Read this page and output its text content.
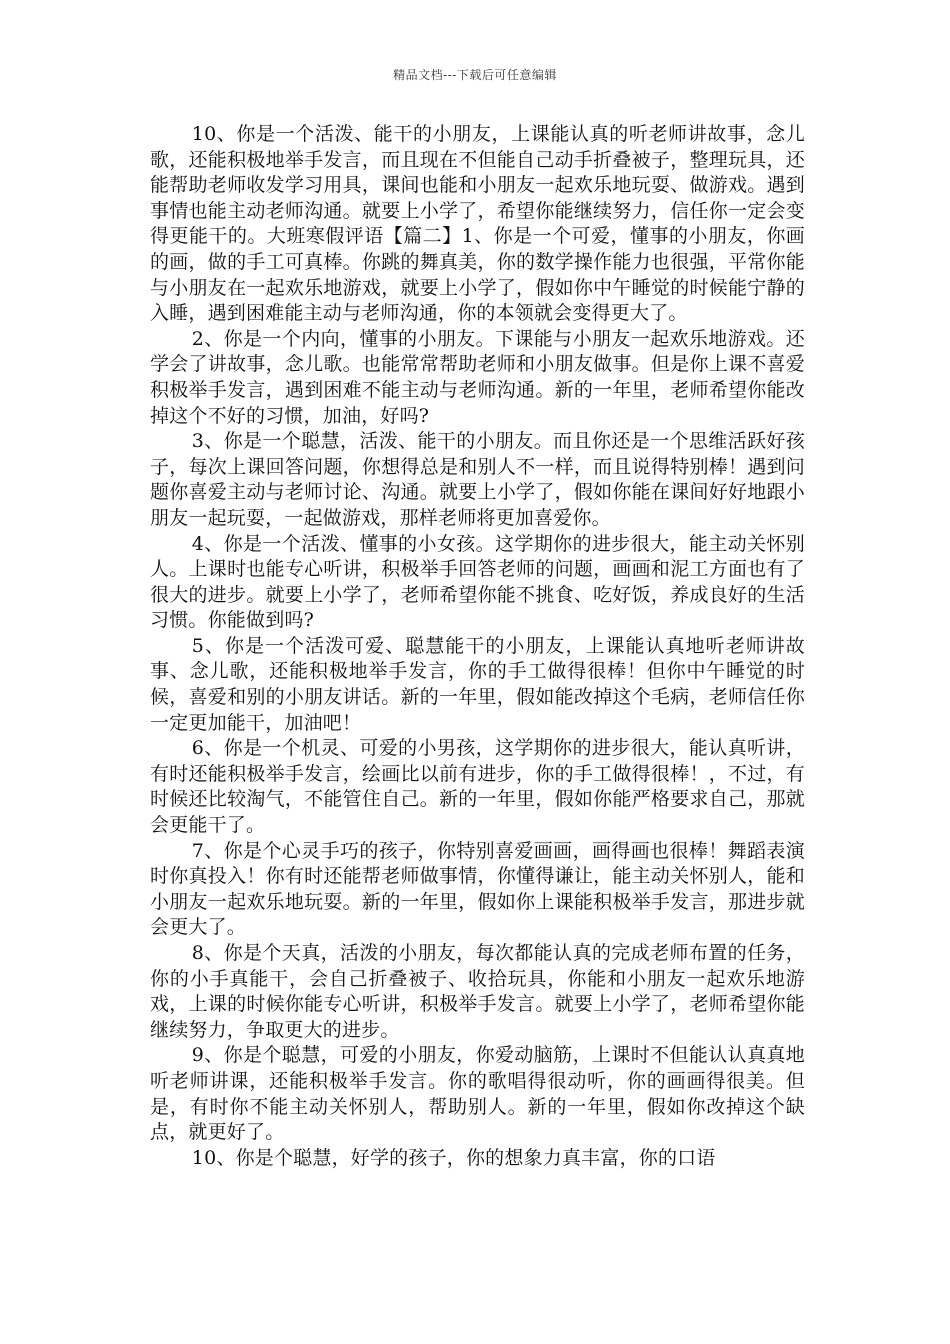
精品文档---下载后可任意编辑

10、你是一个活泼、能干的小朋友，上课能认真的听老师讲故事，念儿歌，还能积极地举手发言，而且现在不但能自己动手折叠被子，整理玩具，还能帮助老师收发学习用具，课间也能和小朋友一起欢乐地玩耍、做游戏。遇到事情也能主动老师沟通。就要上小学了，希望你能继续努力，信任你一定会变得更能干的。大班寒假评语【篇二】1、你是一个可爱，懂事的小朋友，你画的画，做的手工可真棒。你跳的舞真美，你的数学操作能力也很强，平常你能与小朋友在一起欢乐地游戏，就要上小学了，假如你中午睡觉的时候能宁静的入睡，遇到困难能主动与老师沟通，你的本领就会变得更大了。

2、你是一个内向，懂事的小朋友。下课能与小朋友一起欢乐地游戏。还学会了讲故事，念儿歌。也能常常帮助老师和小朋友做事。但是你上课不喜爱积极举手发言，遇到困难不能主动与老师沟通。新的一年里，老师希望你能改掉这个不好的习惯，加油，好吗?

3、你是一个聪慧，活泼、能干的小朋友。而且你还是一个思维活跃好孩子，每次上课回答问题，你想得总是和别人不一样，而且说得特别棒！遇到问题你喜爱主动与老师讨论、沟通。就要上小学了，假如你能在课间好好地跟小朋友一起玩耍，一起做游戏，那样老师将更加喜爱你。

4、你是一个活泼、懂事的小女孩。这学期你的进步很大，能主动关怀别人。上课时也能专心听讲，积极举手回答老师的问题，画画和泥工方面也有了很大的进步。就要上小学了，老师希望你能不挑食、吃好饭，养成良好的生活习惯。你能做到吗?

5、你是一个活泼可爱、聪慧能干的小朋友，上课能认真地听老师讲故事、念儿歌，还能积极地举手发言，你的手工做得很棒！但你中午睡觉的时候，喜爱和别的小朋友讲话。新的一年里，假如能改掉这个毛病，老师信任你一定更加能干，加油吧！

6、你是一个机灵、可爱的小男孩，这学期你的进步很大，能认真听讲，有时还能积极举手发言，绘画比以前有进步，你的手工做得很棒！，不过，有时候还比较淘气，不能管住自己。新的一年里，假如你能严格要求自己，那就会更能干了。

7、你是个心灵手巧的孩子，你特别喜爱画画，画得画也很棒！舞蹈表演时你真投入！你有时还能帮老师做事情，你懂得谦让，能主动关怀别人，能和小朋友一起欢乐地玩耍。新的一年里，假如你上课能积极举手发言，那进步就会更大了。

8、你是个天真，活泼的小朋友，每次都能认真的完成老师布置的任务，你的小手真能干，会自己折叠被子、收拾玩具，你能和小朋友一起欢乐地游戏，上课的时候你能专心听讲，积极举手发言。就要上小学了，老师希望你能继续努力，争取更大的进步。

9、你是个聪慧，可爱的小朋友，你爱动脑筋，上课时不但能认认真真地听老师讲课，还能积极举手发言。你的歌唱得很动听，你的画画得很美。但是，有时你不能主动关怀别人，帮助别人。新的一年里，假如你改掉这个缺点，就更好了。

10、你是个聪慧，好学的孩子，你的想象力真丰富，你的口语
